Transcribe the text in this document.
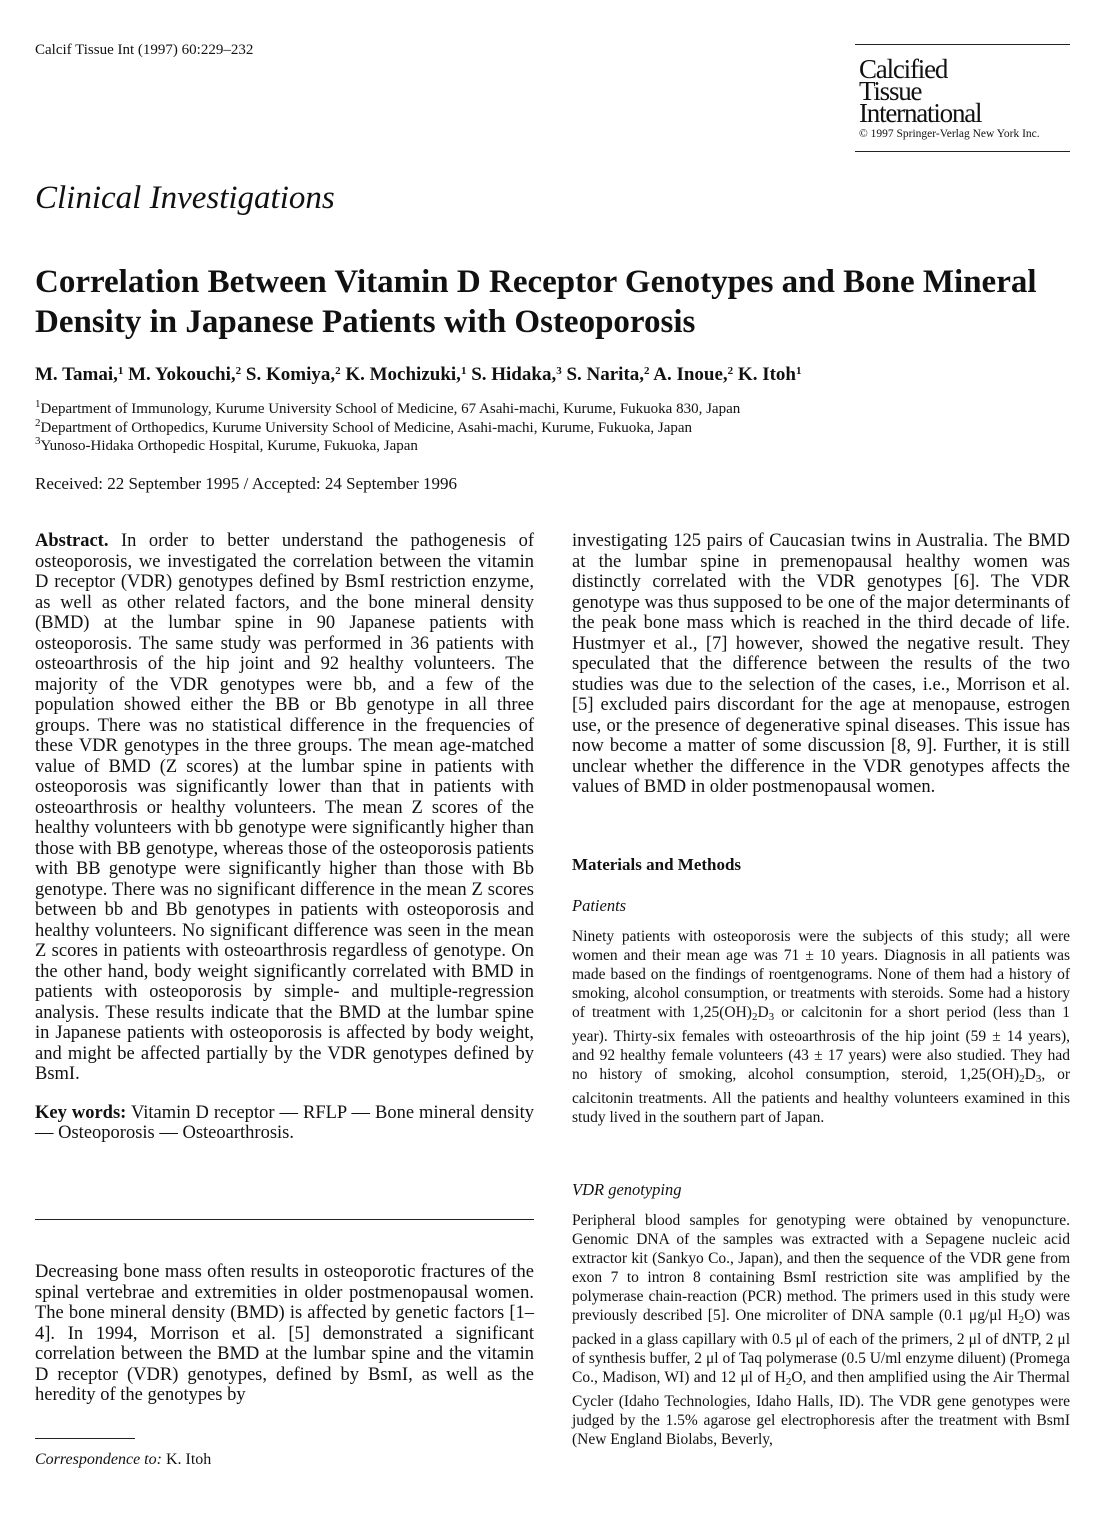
Calcif Tissue Int (1997) 60:229–232
Calcified
Tissue
International
© 1997 Springer-Verlag New York Inc.
Clinical Investigations
Correlation Between Vitamin D Receptor Genotypes and Bone Mineral
Density in Japanese Patients with Osteoporosis
M. Tamai,$^1$ M. Yokouchi,$^2$ S. Komiya,$^2$ K. Mochizuki,$^1$ S. Hidaka,$^3$ S. Narita,$^2$ A. Inoue,$^2$ K. Itoh$^1$
$^1$Department of Immunology, Kurume University School of Medicine, 67 Asahi-machi, Kurume, Fukuoka 830, Japan
$^2$Department of Orthopedics, Kurume University School of Medicine, Asahi-machi, Kurume, Fukuoka, Japan
$^3$Yunoso-Hidaka Orthopedic Hospital, Kurume, Fukuoka, Japan
Received: 22 September 1995 / Accepted: 24 September 1996

Abstract. In order to better understand the pathogenesis of osteoporosis, we investigated the correlation between the vitamin D receptor (VDR) genotypes defined by BsmI restriction enzyme, as well as other related factors, and the bone mineral density (BMD) at the lumbar spine in 90 Japanese patients with osteoporosis. The same study was performed in 36 patients with osteoarthrosis of the hip joint and 92 healthy volunteers. The majority of the VDR genotypes were bb, and a few of the population showed either the BB or Bb genotype in all three groups. There was no statistical difference in the frequencies of these VDR genotypes in the three groups. The mean age-matched value of BMD (Z scores) at the lumbar spine in patients with osteoporosis was significantly lower than that in patients with osteoarthrosis or healthy volunteers. The mean Z scores of the healthy volunteers with bb genotype were significantly higher than those with BB genotype, whereas those of the osteoporosis patients with BB genotype were significantly higher than those with Bb genotype. There was no significant difference in the mean Z scores between bb and Bb genotypes in patients with osteoporosis and healthy volunteers. No significant difference was seen in the mean Z scores in patients with osteoarthrosis regardless of genotype. On the other hand, body weight significantly correlated with BMD in patients with osteoporosis by simple- and multiple-regression analysis. These results indicate that the BMD at the lumbar spine in Japanese patients with osteoporosis is affected by body weight, and might be affected partially by the VDR genotypes defined by BsmI.

Key words: Vitamin D receptor — RFLP — Bone mineral density — Osteoporosis — Osteoarthrosis.

Decreasing bone mass often results in osteoporotic fractures of the spinal vertebrae and extremities in older postmenopausal women. The bone mineral density (BMD) is affected by genetic factors [1–4]. In 1994, Morrison et al. [5] demonstrated a significant correlation between the BMD at the lumbar spine and the vitamin D receptor (VDR) genotypes, defined by BsmI, as well as the heredity of the genotypes by
Correspondence to: K. Itoh
investigating 125 pairs of Caucasian twins in Australia. The BMD at the lumbar spine in premenopausal healthy women was distinctly correlated with the VDR genotypes [6]. The VDR genotype was thus supposed to be one of the major determinants of the peak bone mass which is reached in the third decade of life. Hustmyer et al., [7] however, showed the negative result. They speculated that the difference between the results of the two studies was due to the selection of the cases, i.e., Morrison et al. [5] excluded pairs discordant for the age at menopause, estrogen use, or the presence of degenerative spinal diseases. This issue has now become a matter of some discussion [8, 9]. Further, it is still unclear whether the difference in the VDR genotypes affects the values of BMD in older postmenopausal women.
Materials and Methods
Patients
Ninety patients with osteoporosis were the subjects of this study; all were women and their mean age was 71 ± 10 years. Diagnosis in all patients was made based on the findings of roentgenograms. None of them had a history of smoking, alcohol consumption, or treatments with steroids. Some had a history of treatment with $1,25(OH)_2D_3$ or calcitonin for a short period (less than 1 year). Thirty-six females with osteoarthrosis of the hip joint (59 ± 14 years), and 92 healthy female volunteers (43 ± 17 years) were also studied. They had no history of smoking, alcohol consumption, steroid, $1,25(OH)_2D_3$, or calcitonin treatments. All the patients and healthy volunteers examined in this study lived in the southern part of Japan.
VDR genotyping
Peripheral blood samples for genotyping were obtained by venopuncture. Genomic DNA of the samples was extracted with a Sepagene nucleic acid extractor kit (Sankyo Co., Japan), and then the sequence of the VDR gene from exon 7 to intron 8 containing BsmI restriction site was amplified by the polymerase chain-reaction (PCR) method. The primers used in this study were previously described [5]. One microliter of DNA sample (0.1 μg/μl $H_2O$) was packed in a glass capillary with 0.5 μl of each of the primers, 2 μl of dNTP, 2 μl of synthesis buffer, 2 μl of Taq polymerase (0.5 U/ml enzyme diluent) (Promega Co., Madison, WI) and 12 μl of $H_2O$, and then amplified using the Air Thermal Cycler (Idaho Technologies, Idaho Halls, ID). The VDR gene genotypes were judged by the 1.5% agarose gel electrophoresis after the treatment with BsmI (New England Biolabs, Beverly,
